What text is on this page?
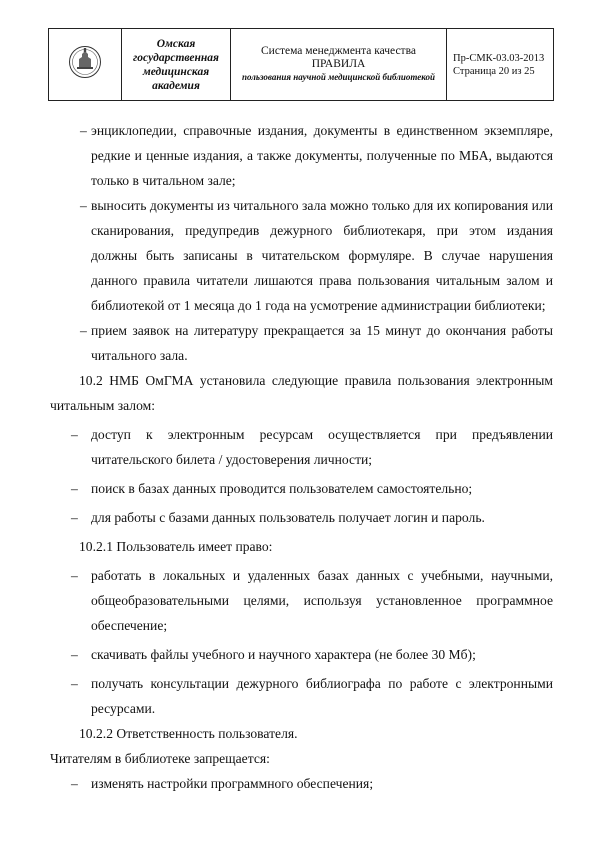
	Омская государственная медицинская академия	Система менеджмента качества
ПРАВИЛА
пользования научной медицинской библиотекой
	Пр-СМК-03.03-2013
Страница 20 из 25
– энциклопедии, справочные издания, документы в единственном экземпляре, редкие и ценные издания, а также документы, полученные по МБА, выдаются только в читальном зале;
– выносить документы из читального зала можно только для их копирования или сканирования, предупредив дежурного библиотекаря, при этом издания должны быть записаны в читательском формуляре. В случае нарушения данного правила читатели лишаются права пользования читальным залом и библиотекой от 1 месяца до 1 года на усмотрение администрации библиотеки;
– прием заявок на литературу прекращается за 15 минут до окончания работы читального зала.
10.2 НМБ ОмГМА установила следующие правила пользования электронным читальным залом:
– доступ к электронным ресурсам осуществляется при предъявлении читательского билета / удостоверения личности;
– поиск в базах данных проводится пользователем самостоятельно;
– для работы с базами данных пользователь получает логин и пароль.
10.2.1 Пользователь имеет право:
– работать в локальных и удаленных базах данных с учебными, научными, общеобразовательными целями, используя установленное программное обеспечение;
– скачивать файлы учебного и научного характера (не более 30 Мб);
– получать консультации дежурного библиографа по работе с электронными ресурсами.
10.2.2 Ответственность пользователя.
Читателям в библиотеке запрещается:
– изменять настройки программного обеспечения;
